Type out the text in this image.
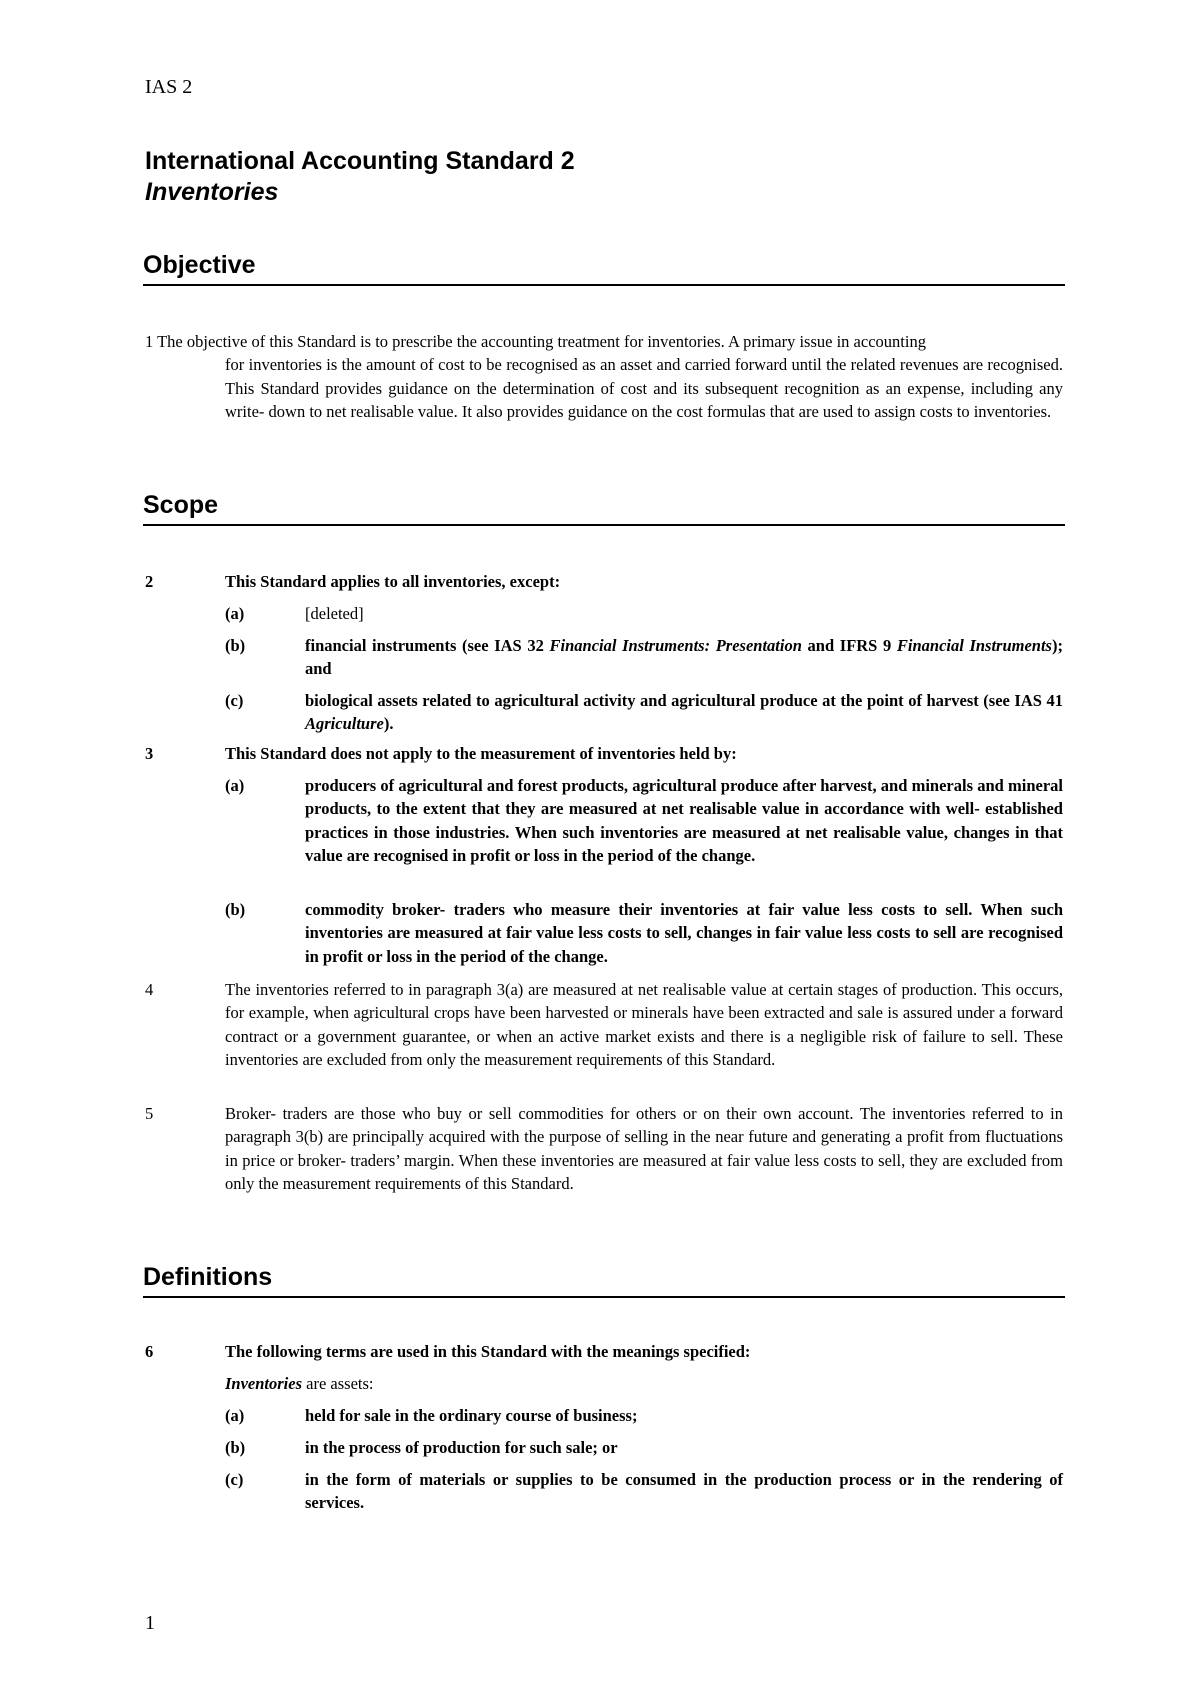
IAS 2
International Accounting Standard 2
Inventories
Objective
1 The objective of this Standard is to prescribe the accounting treatment for inventories. A primary issue in accounting
for inventories is the amount of cost to be recognised as an asset and carried forward until the related revenues are recognised. This Standard provides guidance on the determination of cost and its subsequent recognition as an expense, including any write- down to net realisable value. It also provides guidance on the cost formulas that are used to assign costs to inventories.
Scope
2	This Standard applies to all inventories, except:
(a)	[deleted]
(b)	financial instruments (see IAS 32 Financial Instruments: Presentation and IFRS 9 Financial Instruments); and
(c)	biological assets related to agricultural activity and agricultural produce at the point of harvest (see IAS 41 Agriculture).
3	This Standard does not apply to the measurement of inventories held by:
(a)	producers of agricultural and forest products, agricultural produce after harvest, and minerals and mineral products, to the extent that they are measured at net realisable value in accordance with well- established practices in those industries. When such inventories are measured at net realisable value, changes in that value are recognised in profit or loss in the period of the change.
(b)	commodity broker- traders who measure their inventories at fair value less costs to sell. When such inventories are measured at fair value less costs to sell, changes in fair value less costs to sell are recognised in profit or loss in the period of the change.
4	The inventories referred to in paragraph 3(a) are measured at net realisable value at certain stages of production. This occurs, for example, when agricultural crops have been harvested or minerals have been extracted and sale is assured under a forward contract or a government guarantee, or when an active market exists and there is a negligible risk of failure to sell. These inventories are excluded from only the measurement requirements of this Standard.
5	Broker- traders are those who buy or sell commodities for others or on their own account. The inventories referred to in paragraph 3(b) are principally acquired with the purpose of selling in the near future and generating a profit from fluctuations in price or broker- traders’ margin. When these inventories are measured at fair value less costs to sell, they are excluded from only the measurement requirements of this Standard.
Definitions
6	The following terms are used in this Standard with the meanings specified:
Inventories are assets:
(a)	held for sale in the ordinary course of business;
(b)	in the process of production for such sale; or
(c)	in the form of materials or supplies to be consumed in the production process or in the rendering of services.
1
